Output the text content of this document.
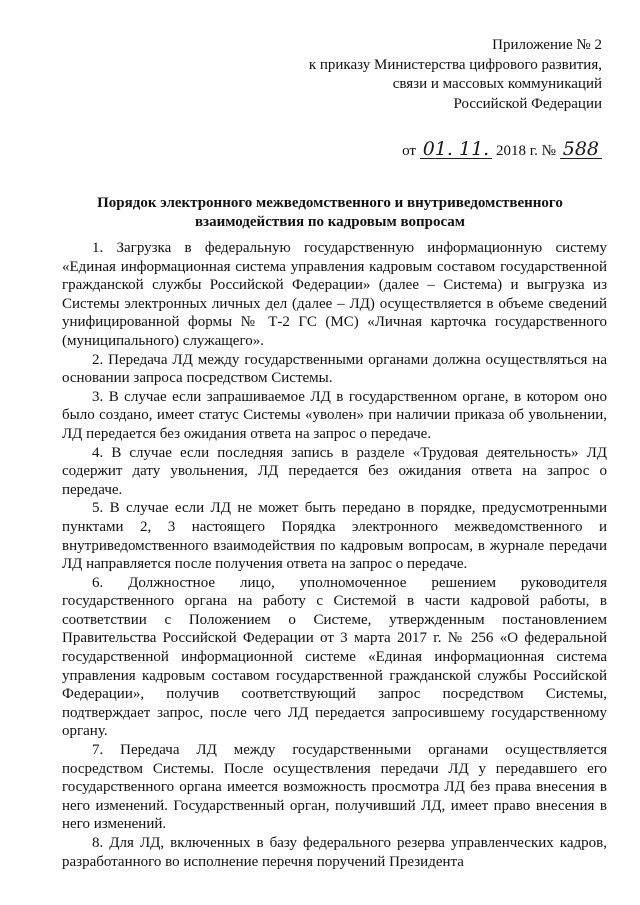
Приложение № 2
к приказу Министерства цифрового развития,
связи и массовых коммуникаций
Российской Федерации
от 01. 11. 2018 г. № 588
Порядок электронного межведомственного и внутриведомственного
взаимодействия по кадровым вопросам

1. Загрузка в федеральную государственную информационную систему «Единая информационная система управления кадровым составом государственной гражданской службы Российской Федерации» (далее – Система) и выгрузка из Системы электронных личных дел (далее – ЛД) осуществляется в объеме сведений унифицированной формы № Т-2 ГС (МС) «Личная карточка государственного (муниципального) служащего».

2. Передача ЛД между государственными органами должна осуществляться на основании запроса посредством Системы.

3. В случае если запрашиваемое ЛД в государственном органе, в котором оно было создано, имеет статус Системы «уволен» при наличии приказа об увольнении, ЛД передается без ожидания ответа на запрос о передаче.

4. В случае если последняя запись в разделе «Трудовая деятельность» ЛД содержит дату увольнения, ЛД передается без ожидания ответа на запрос о передаче.

5. В случае если ЛД не может быть передано в порядке, предусмотренными пунктами 2, 3 настоящего Порядка электронного межведомственного и внутриведомственного взаимодействия по кадровым вопросам, в журнале передачи ЛД направляется после получения ответа на запрос о передаче.

6. Должностное лицо, уполномоченное решением руководителя государственного органа на работу с Системой в части кадровой работы, в соответствии с Положением о Системе, утвержденным постановлением Правительства Российской Федерации от 3 марта 2017 г. № 256 «О федеральной государственной информационной системе «Единая информационная система управления кадровым составом государственной гражданской службы Российской Федерации», получив соответствующий запрос посредством Системы, подтверждает запрос, после чего ЛД передается запросившему государственному органу.

7. Передача ЛД между государственными органами осуществляется посредством Системы. После осуществления передачи ЛД у передавшего его государственного органа имеется возможность просмотра ЛД без права внесения в него изменений. Государственный орган, получивший ЛД, имеет право внесения в него изменений.

8. Для ЛД, включенных в базу федерального резерва управленческих кадров, разработанного во исполнение перечня поручений Президента
